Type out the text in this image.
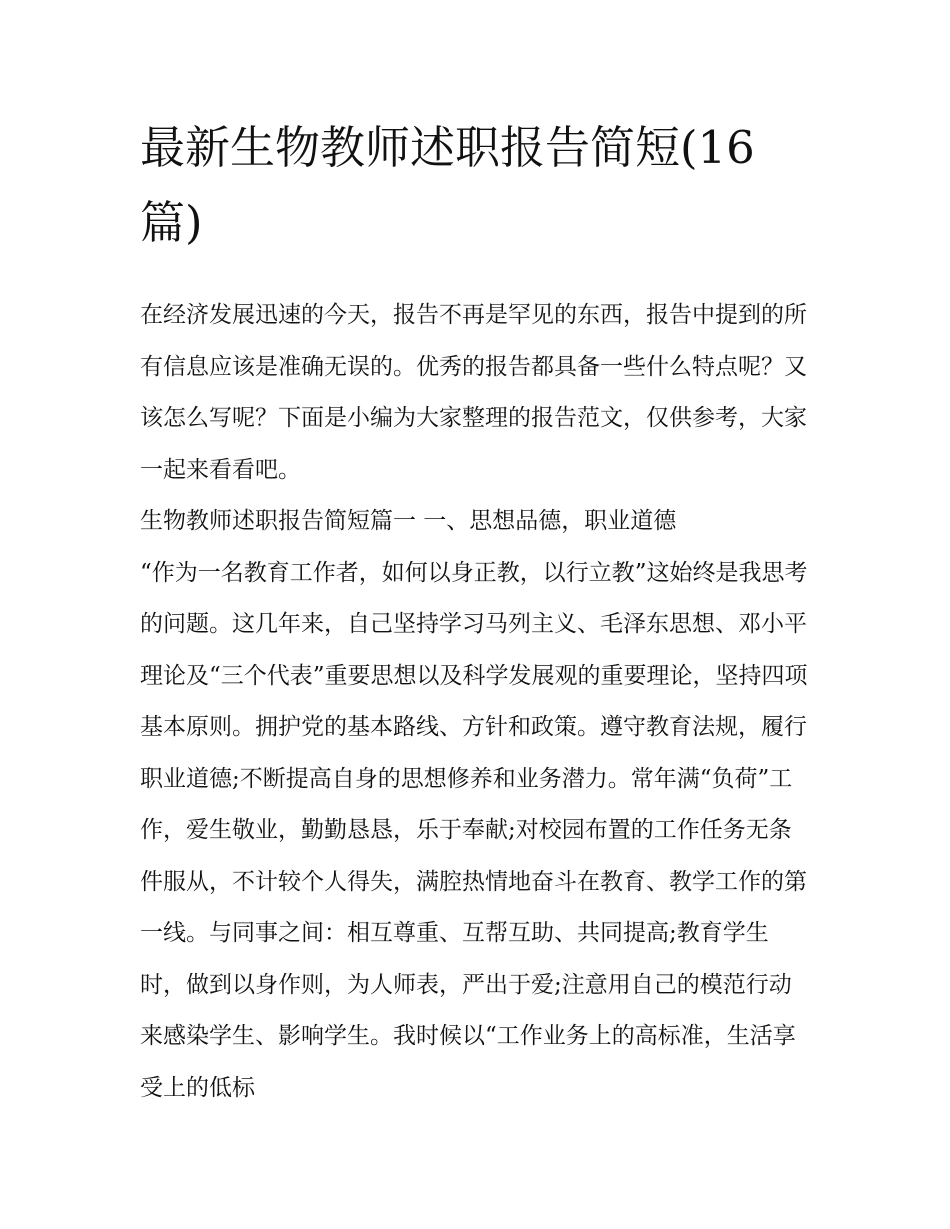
最新生物教师述职报告简短(16篇)

在经济发展迅速的今天，报告不再是罕见的东西，报告中提到的所有信息应该是准确无误的。优秀的报告都具备一些什么特点呢？又该怎么写呢？下面是小编为大家整理的报告范文，仅供参考，大家一起来看看吧。

生物教师述职报告简短篇一 一、思想品德，职业道德

“作为一名教育工作者，如何以身正教，以行立教”这始终是我思考的问题。这几年来，自己坚持学习马列主义、毛泽东思想、邓小平理论及“三个代表”重要思想以及科学发展观的重要理论，坚持四项基本原则。拥护党的基本路线、方针和政策。遵守教育法规，履行职业道德;不断提高自身的思想修养和业务潜力。常年满“负荷”工作，爱生敬业，勤勤恳恳，乐于奉献;对校园布置的工作任务无条件服从，不计较个人得失，满腔热情地奋斗在教育、教学工作的第一线。与同事之间：相互尊重、互帮互助、共同提高;教育学生时，做到以身作则，为人师表，严出于爱;注意用自己的模范行动来感染学生、影响学生。我时候以“工作业务上的高标准，生活享受上的低标
